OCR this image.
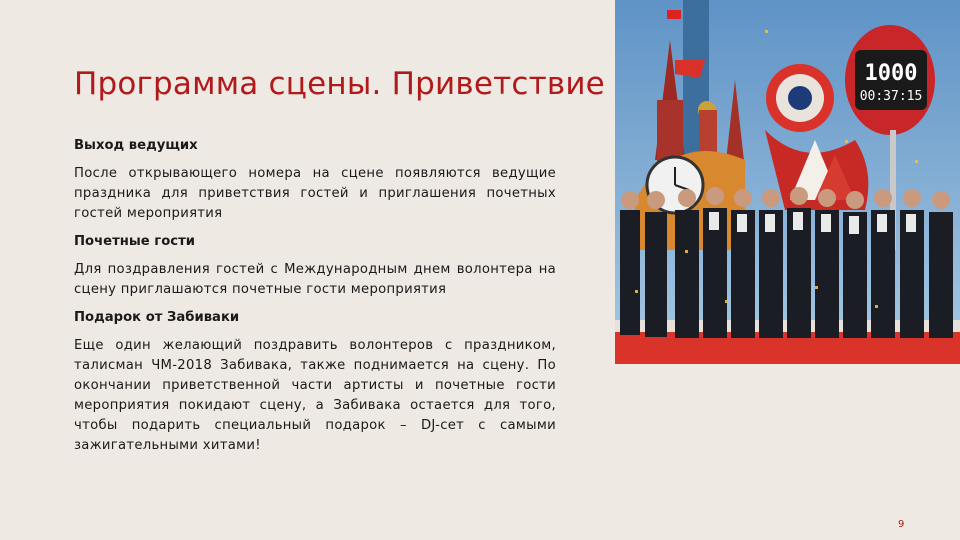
Программа сцены. Приветствие
Выход ведущих
После открывающего номера на сцене появляются ведущие праздника для приветствия гостей и приглашения почетных гостей мероприятия
Почетные гости
Для поздравления гостей с Международным днем волонтера на сцену приглашаются почетные гости мероприятия
Подарок от Забиваки
Еще один желающий поздравить волонтеров с праздником, талисман ЧМ-2018 Забивака, также поднимается на сцену. По окончании приветственной части артисты и почетные гости мероприятия покидают сцену, а Забивака остается для того, чтобы подарить специальный подарок – DJ-сет с самыми зажигательными хитами!
1000
00:37:15
9
